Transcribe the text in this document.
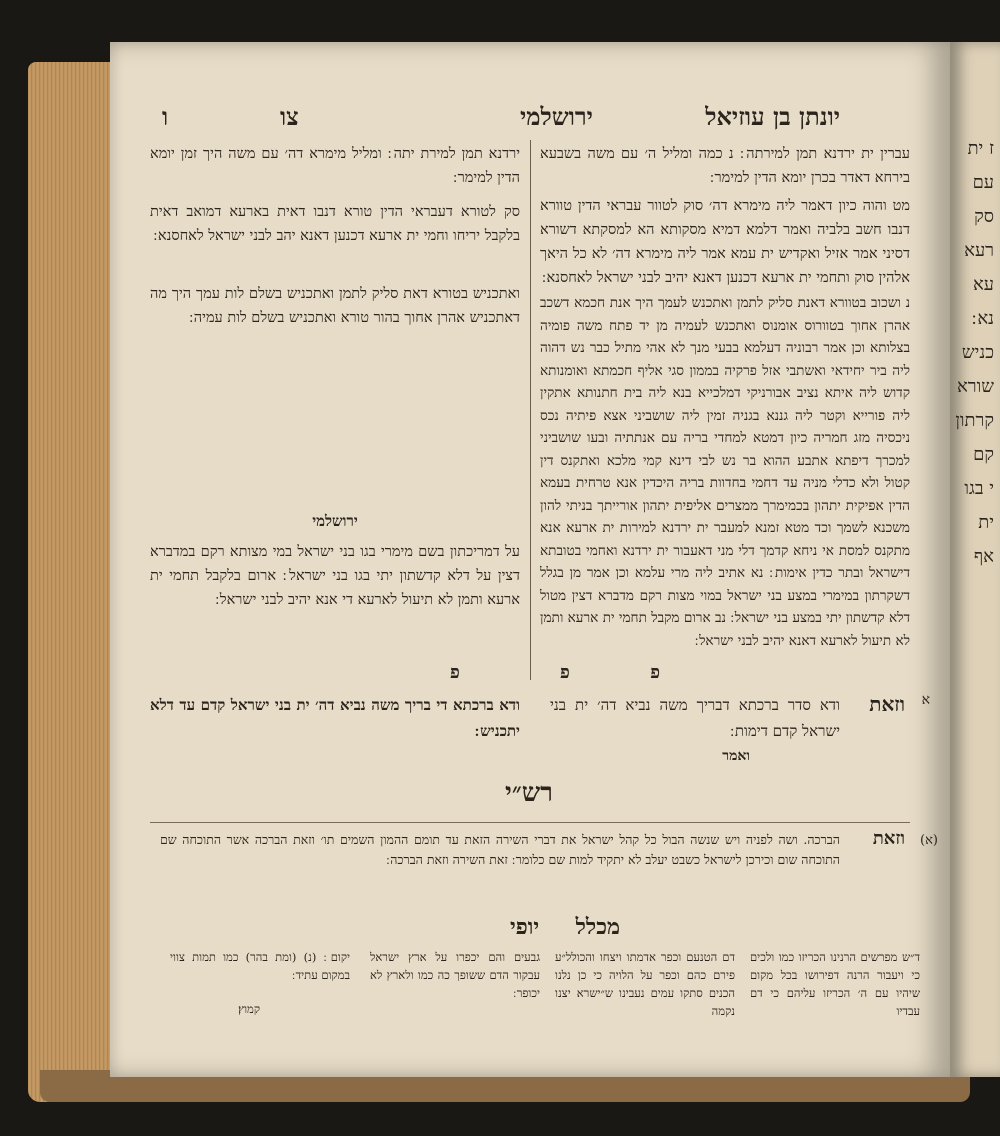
ז ית
עם
סק
רעא
עא
נא ׃
כניש
שורא
קרתון
קם
י בגו
ית
אף
יונתן בן עוזיאל
ירושלמי
צו
ו
עברין ית ירדנא תמן למירתה ׃ נ כמה ומליל ה׳ עם משה בשבעא בירחא דאדר בכרן יומא הדין למימר ׃
מט והוה כיון דאמר ליה מימרא דה׳ סוק לטוור עבראי הדין טוורא דנבו חשב בלביה ואמר דלמא דמיא מסקותא הא למסקתא דשורא דסיני אמר אזיל ואקדיש ית עמא אמר ליה מימרא דה׳ לא כל היאך אלהין סוק ותחמי ית ארעא דכנען דאנא יהיב לבני ישראל לאחסנא ׃
נ ושכוב בטוורא דאנת סליק לתמן ואתכנש לעמך היך אנת חכמא דשכב אהרן אחוך בטוורוס אומנוס ואתכנש לעמיה מן יד פתח משה פומיה בצלותא וכן אמר רבוניה דעלמא בבעי מנך לא אהי מתיל כבר נש דהוה ליה ביר יחידאי ואשתבי אזל פרקיה בממון סגי אליף חכמתא ואומנותא קדוש ליה איתא נציב אבורניקי דמלכייא בנא ליה בית חתנותא אתקין ליה פורייא וקטר ליה גננא בגניה זמין ליה שושביני אצא פיתיה נכס ניכסיה מזג חמריה כיון דמטא למחדי בריה עם אנתתיה ובעו שושביני למכרך דיפתא אתבע ההוא בר נש לבי דינא קמי מלכא ואתקנס דין קטול ולא כדלי מניה עד דחמי בחדוות בריה היכדין אנא טרחית בעמא הדין אפיקית יתהון בכמימרך ממצרים אליפית יתהון אורייתך בניתי להון משכנא לשמך וכד מטא זמנא למעבר ית ירדנא למירות ית ארעא אנא מתקנס למסת אי ניחא קדמך דלי מני דאעבור ית ירדנא ואחמי בטובתא דישראל ובתר כדין אימות ׃ נא אתיב ליה מרי עלמא וכן אמר מן בגלל דשקרתון במימרי במצע בני ישראל במוי מצות רקם מדברא דצין מטול דלא קדשתון יתי במצע בני ישראל ׃ נב ארום מקבל תחמי ית ארעא ותמן לא תיעול לארעא דאנא יהיב לבני ישראל ׃
ירדנא תמן למירת יתה ׃ ומליל מימרא דה׳ עם משה היך זמן יומא הדין למימר ׃
סק לטורא דעבראי הדין טורא דנבו דאית בארעא דמואב דאית בלקבל יריחו וחמי ית ארעא דכנען דאנא יהב לבני ישראל לאחסנא ׃
ואתכניש בטורא דאת סליק לתמן ואתכניש בשלם לות עמך היך מה דאתכניש אהרן אחוך בהור טורא ואתכניש בשלם לות עמיה ׃
ירושלמי
על דמריכתון בשם מימרי בגו בני ישראל במי מצותא רקם במדברא דצין על דלא קדשתון יתי בגו בני ישראל ׃ ארום בלקבל תחמי ית ארעא ותמן לא תיעול לארעא די אנא יהיב לבני ישראל ׃
פ
פ
פ
א
וזאת
ודא סדר ברכתא דבריך משה נביא דה׳ ית בני ישראל קדם דימות ׃
ודא ברכתא די בריך משה נביא דה׳ ית בני ישראל קדם עד דלא יתכניש ׃
ואמר
רש״י
(א)
וזאת
הברכה. ושה לפניה ויש שנשה הבול כל קהל ישראל את דברי השירה הזאת עד תומם ההמון השמים תו׳ וזאת הברכה אשר התוכחה שם התוכחה שום וכירכן לישראל כשבט יעלב לא יתקיד למות שם כלומר ׃ זאת השירה וזאת הברכה ׃
מכלל
יופי
ד״ש מפרשים הרנינו הכריזו כמו ולכים כי ויעבור הרנה דפירושו בכל מקום שיהיו עם ה׳ הכריזו עליהם כי דם עבדיו
דם הטנעם וכפר אדמתו ויצחו והכולל״ע פירם כהם וכפר על הלויה כי כן נלנו הכנים סתקו עמים נעבינו ש״ישרא יצנו נקמה
גבעים והם יכפרו על ארץ ישראל עבקור הדם ששופך כה כמו ולארץ לא יכופר ׃
יקום ׃ (נ) (ומת בהר) כמו תמות צווי במקום עתיד ׃
קמוץ׃
